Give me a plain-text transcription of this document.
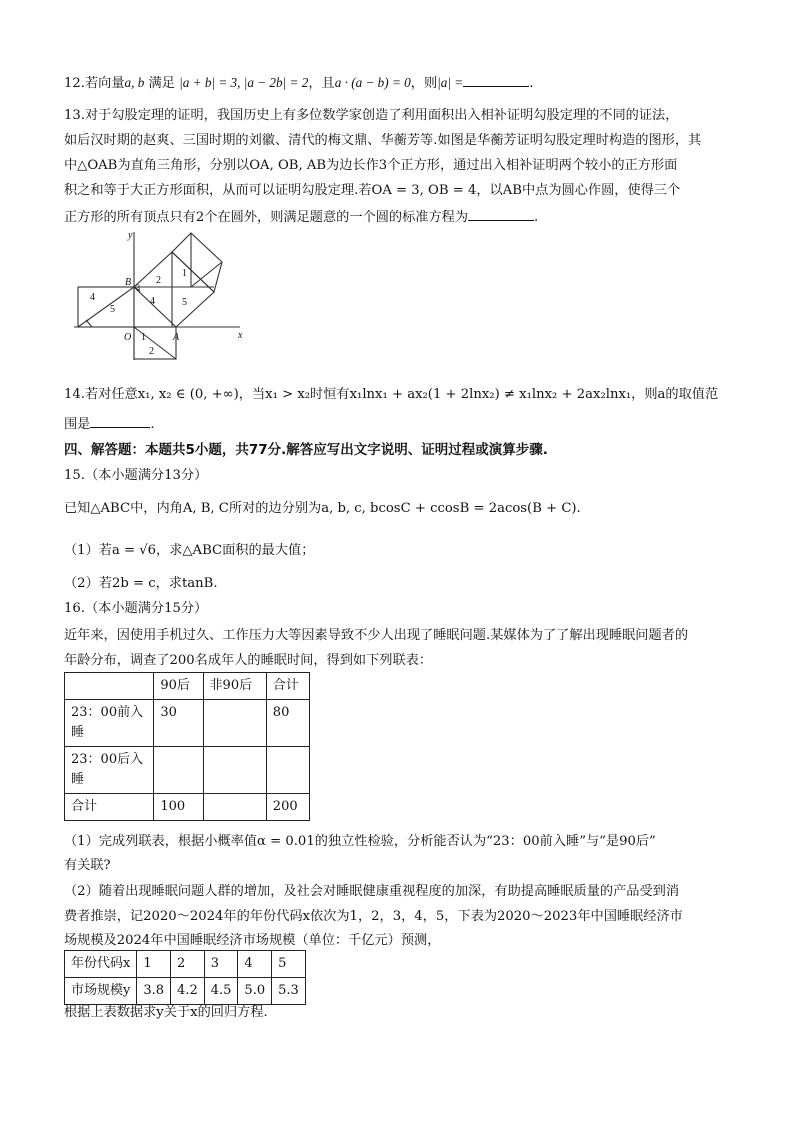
12.若向量a, b 满足 |a + b| = 3, |a − 2b| = 2，且a · (a − b) = 0，则|a| =	.
13.对于勾股定理的证明，我国历史上有多位数学家创造了利用面积出入相补证明勾股定理的不同的证法，
如后汉时期的赵爽、三国时期的刘徽、清代的梅文鼎、华蘅芳等.如图是华蘅芳证明勾股定理时构造的图形，其
中△OAB为直角三角形，分别以OA, OB, AB为边长作3个正方形，通过出入相补证明两个较小的正方形面
积之和等于大正方形面积，从而可以证明勾股定理.若OA = 3, OB = 4，以AB中点为圆心作圆，使得三个
正方形的所有顶点只有2个在圆外，则满足题意的一个圆的标准方程为	.
y
x
O	A
B
1
1
2
2
3
4	4
5
5
14.若对任意x₁, x₂ ∈ (0, +∞)，当x₁ > x₂时恒有x₁lnx₁ + ax₂(1 + 2lnx₂) ≠ x₁lnx₂ + 2ax₂lnx₁，则a的取值范
围是	.
四、解答题：本题共5小题，共77分.解答应写出文字说明、证明过程或演算步骤.
15.（本小题满分13分）
已知△ABC中，内角A, B, C所对的边分别为a, b, c, bcosC + ccosB = 2acos(B + C).
（1）若a = √6，求△ABC面积的最大值；
（2）若2b = c，求tanB.
16.（本小题满分15分）
近年来，因使用手机过久、工作压力大等因素导致不少人出现了睡眠问题.某媒体为了了解出现睡眠问题者的
年龄分布，调查了200名成年人的睡眠时间，得到如下列联表：
	90后	非90后	合计
23：00前入睡	30		80
23：00后入睡			
合计	100		200
（1）完成列联表，根据小概率值α = 0.01的独立性检验，分析能否认为“23：00前入睡”与“是90后”
有关联?
（2）随着出现睡眠问题人群的增加，及社会对睡眠健康重视程度的加深，有助提高睡眠质量的产品受到消
费者推崇，记2020～2024年的年份代码x依次为1，2，3，4，5，下表为2020～2023年中国睡眠经济市
场规模及2024年中国睡眠经济市场规模（单位：千亿元）预测，
年份代码x	1	2	3	4	5
市场规模y	3.8	4.2	4.5	5.0	5.3
根据上表数据求y关于x的回归方程.
